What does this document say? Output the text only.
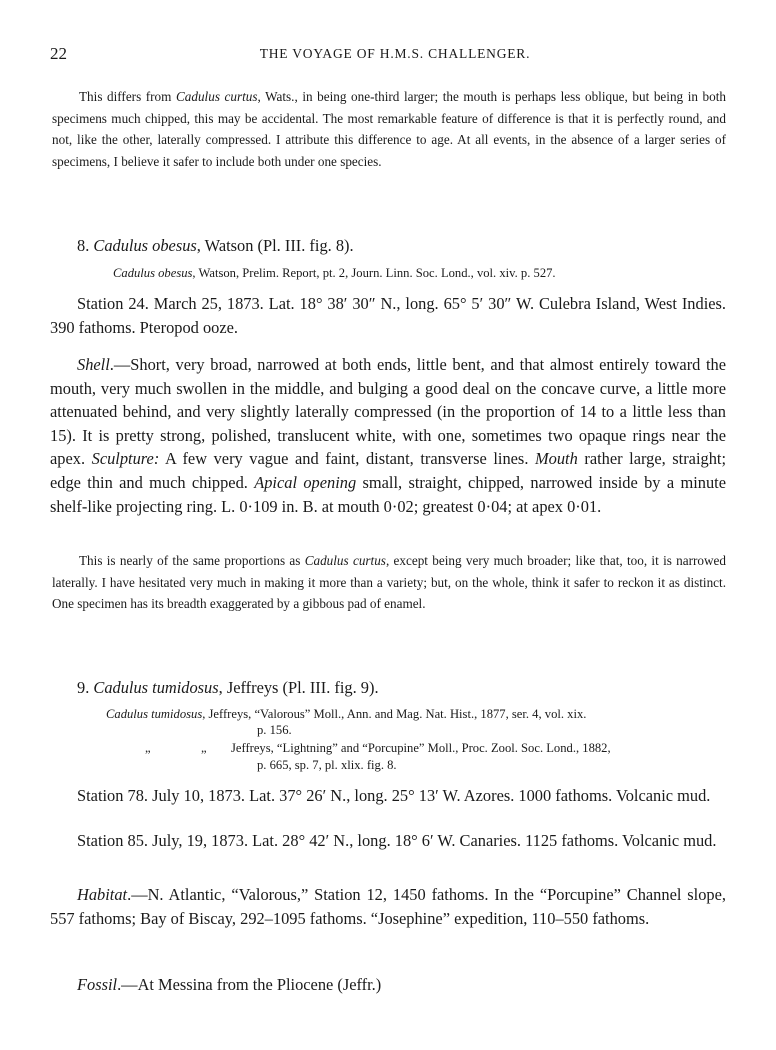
22	THE VOYAGE OF H.M.S. CHALLENGER.

This differs from Cadulus curtus, Wats., in being one-third larger; the mouth is perhaps less oblique, but being in both specimens much chipped, this may be accidental. The most remarkable feature of difference is that it is perfectly round, and not, like the other, laterally compressed. I attribute this difference to age. At all events, in the absence of a larger series of specimens, I believe it safer to include both under one species.

8. Cadulus obesus, Watson (Pl. III. fig. 8).
Cadulus obesus, Watson, Prelim. Report, pt. 2, Journ. Linn. Soc. Lond., vol. xiv. p. 527.

Station 24. March 25, 1873. Lat. 18° 38′ 30″ N., long. 65° 5′ 30″ W. Culebra Island, West Indies. 390 fathoms. Pteropod ooze.

Shell.—Short, very broad, narrowed at both ends, little bent, and that almost entirely toward the mouth, very much swollen in the middle, and bulging a good deal on the concave curve, a little more attenuated behind, and very slightly laterally compressed (in the proportion of 14 to a little less than 15). It is pretty strong, polished, translucent white, with one, sometimes two opaque rings near the apex. Sculpture: A few very vague and faint, distant, transverse lines. Mouth rather large, straight; edge thin and much chipped. Apical opening small, straight, chipped, narrowed inside by a minute shelf-like projecting ring. L. 0·109 in. B. at mouth 0·02; greatest 0·04; at apex 0·01.

This is nearly of the same proportions as Cadulus curtus, except being very much broader; like that, too, it is narrowed laterally. I have hesitated very much in making it more than a variety; but, on the whole, think it safer to reckon it as distinct. One specimen has its breadth exaggerated by a gibbous pad of enamel.

9. Cadulus tumidosus, Jeffreys (Pl. III. fig. 9).
Cadulus tumidosus, Jeffreys, “Valorous” Moll., Ann. and Mag. Nat. Hist., 1877, ser. 4, vol. xix.
p. 156.
„	„ Jeffreys, “Lightning” and “Porcupine” Moll., Proc. Zool. Soc. Lond., 1882,
p. 665, sp. 7, pl. xlix. fig. 8.

Station 78. July 10, 1873. Lat. 37° 26′ N., long. 25° 13′ W. Azores. 1000 fathoms. Volcanic mud.

Station 85. July, 19, 1873. Lat. 28° 42′ N., long. 18° 6′ W. Canaries. 1125 fathoms. Volcanic mud.

Habitat.—N. Atlantic, “Valorous,” Station 12, 1450 fathoms. In the “Porcupine” Channel slope, 557 fathoms; Bay of Biscay, 292–1095 fathoms. “Josephine” expedition, 110–550 fathoms.

Fossil.—At Messina from the Pliocene (Jeffr.)
